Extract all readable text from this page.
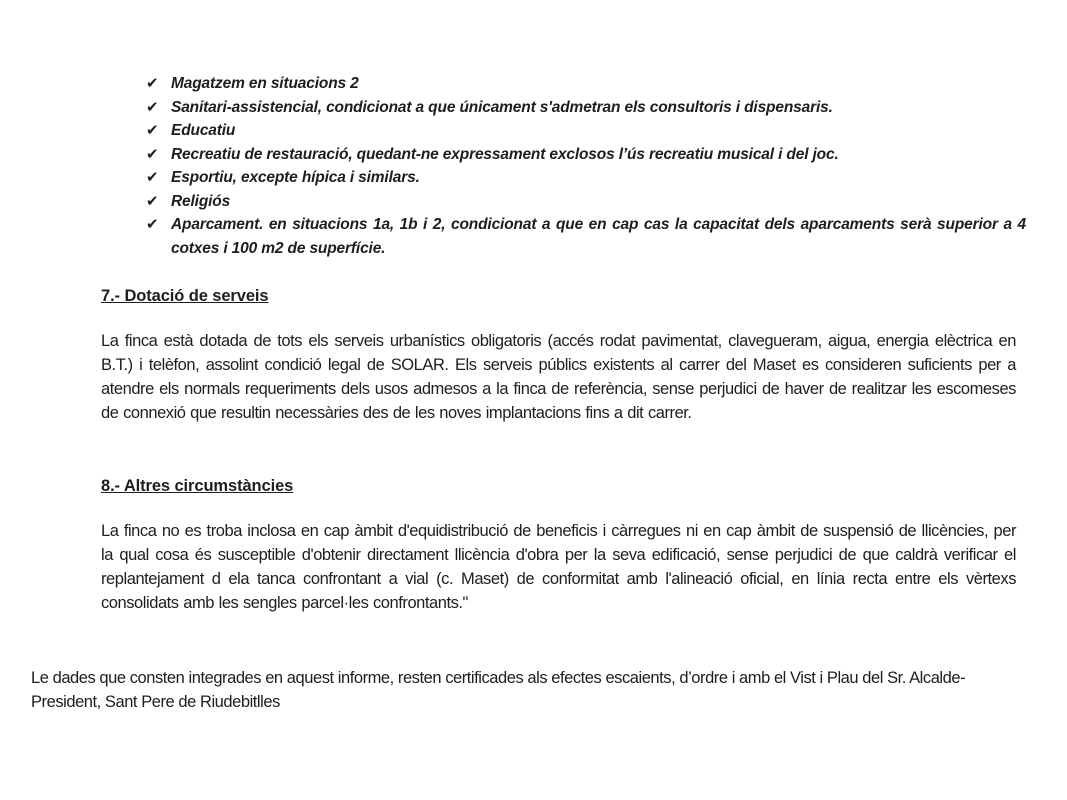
✔ Magatzem en situacions 2
✔ Sanitari-assistencial, condicionat a que únicament s'admetran els consultoris i dispensaris.
✔ Educatiu
✔ Recreatiu de restauració, quedant-ne expressament exclosos l’ús recreatiu musical i del joc.
✔ Esportiu, excepte hípica i similars.
✔ Religiós
✔ Aparcament. en situacions 1a, 1b i 2, condicionat a que en cap cas la capacitat dels aparcaments serà superior a 4 cotxes i 100 m2 de superfície.
7.- Dotació de serveis

La finca està dotada de tots els serveis urbanístics obligatoris (accés rodat pavimentat, clavegueram, aigua, energia elèctrica en B.T.) i telèfon, assolint condició legal de SOLAR. Els serveis públics existents al carrer del Maset es consideren suficients per a atendre els normals requeriments dels usos admesos a la finca de referència, sense perjudici de haver de realitzar les escomeses de connexió que resultin necessàries des de les noves implantacions fins a dit carrer.

8.- Altres circumstàncies

La finca no es troba inclosa en cap àmbit d'equidistribució de beneficis i càrregues ni en cap àmbit de suspensió de llicències, per la qual cosa és susceptible d'obtenir directament llicència d'obra per la seva edificació, sense perjudici de que caldrà verificar el replantejament d ela tanca confrontant a vial (c. Maset) de conformitat amb l'alineació oficial, en línia recta entre els vèrtexs consolidats amb les sengles parcel·les confrontants."

Le dades que consten integrades en aquest informe, resten certificades als efectes escaients, d’ordre i amb el Vist i Plau del Sr. Alcalde- President, Sant Pere de Riudebitlles
